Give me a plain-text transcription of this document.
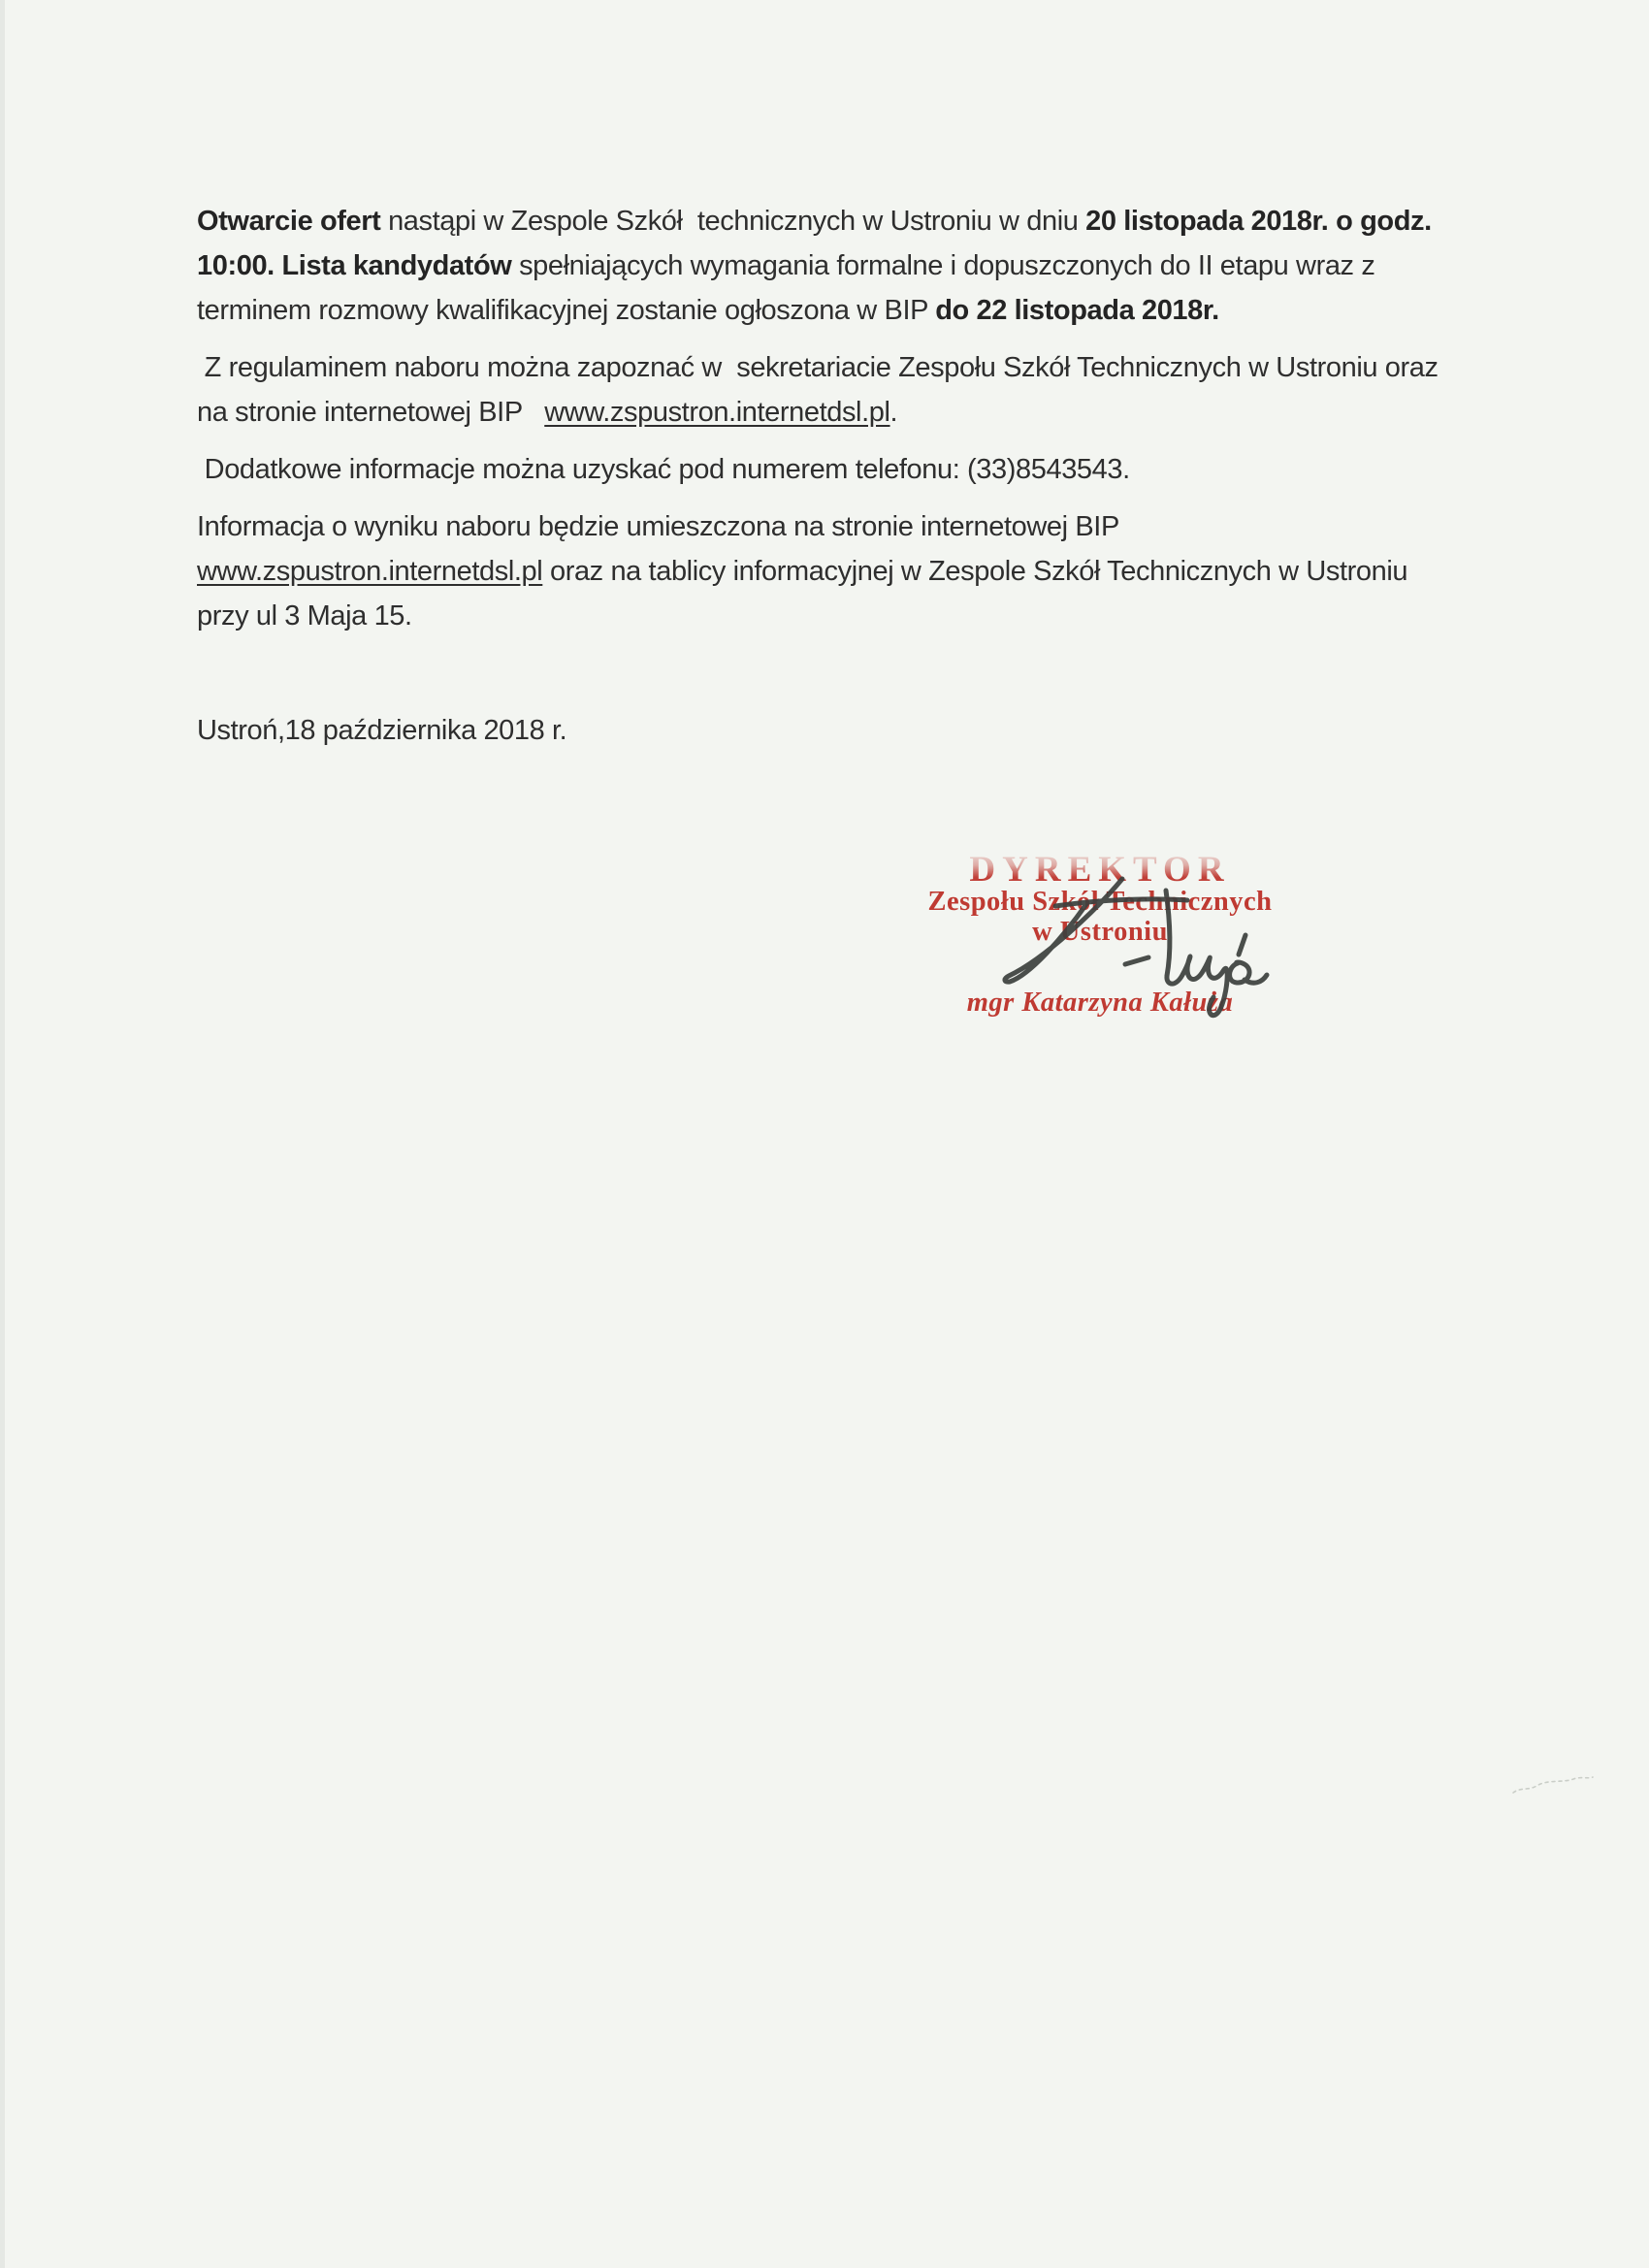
Otwarcie ofert nastąpi w Zespole Szkół  technicznych w Ustroniu w dniu 20 listopada 2018r. o godz.
10:00. Lista kandydatów spełniających wymagania formalne i dopuszczonych do II etapu wraz z
terminem rozmowy kwalifikacyjnej zostanie ogłoszona w BIP do 22 listopada 2018r.
Z regulaminem naboru można zapoznać w  sekretariacie Zespołu Szkół Technicznych w Ustroniu oraz
na stronie internetowej BIP   www.zspustron.internetdsl.pl.
Dodatkowe informacje można uzyskać pod numerem telefonu: (33)8543543.
Informacja o wyniku naboru będzie umieszczona na stronie internetowej BIP
www.zspustron.internetdsl.pl oraz na tablicy informacyjnej w Zespole Szkół Technicznych w Ustroniu
przy ul 3 Maja 15.
Ustroń,18 października 2018 r.
DYREKTOR
Zespołu Szkół Technicznych
w Ustroniu
mgr Katarzyna Kałuża
